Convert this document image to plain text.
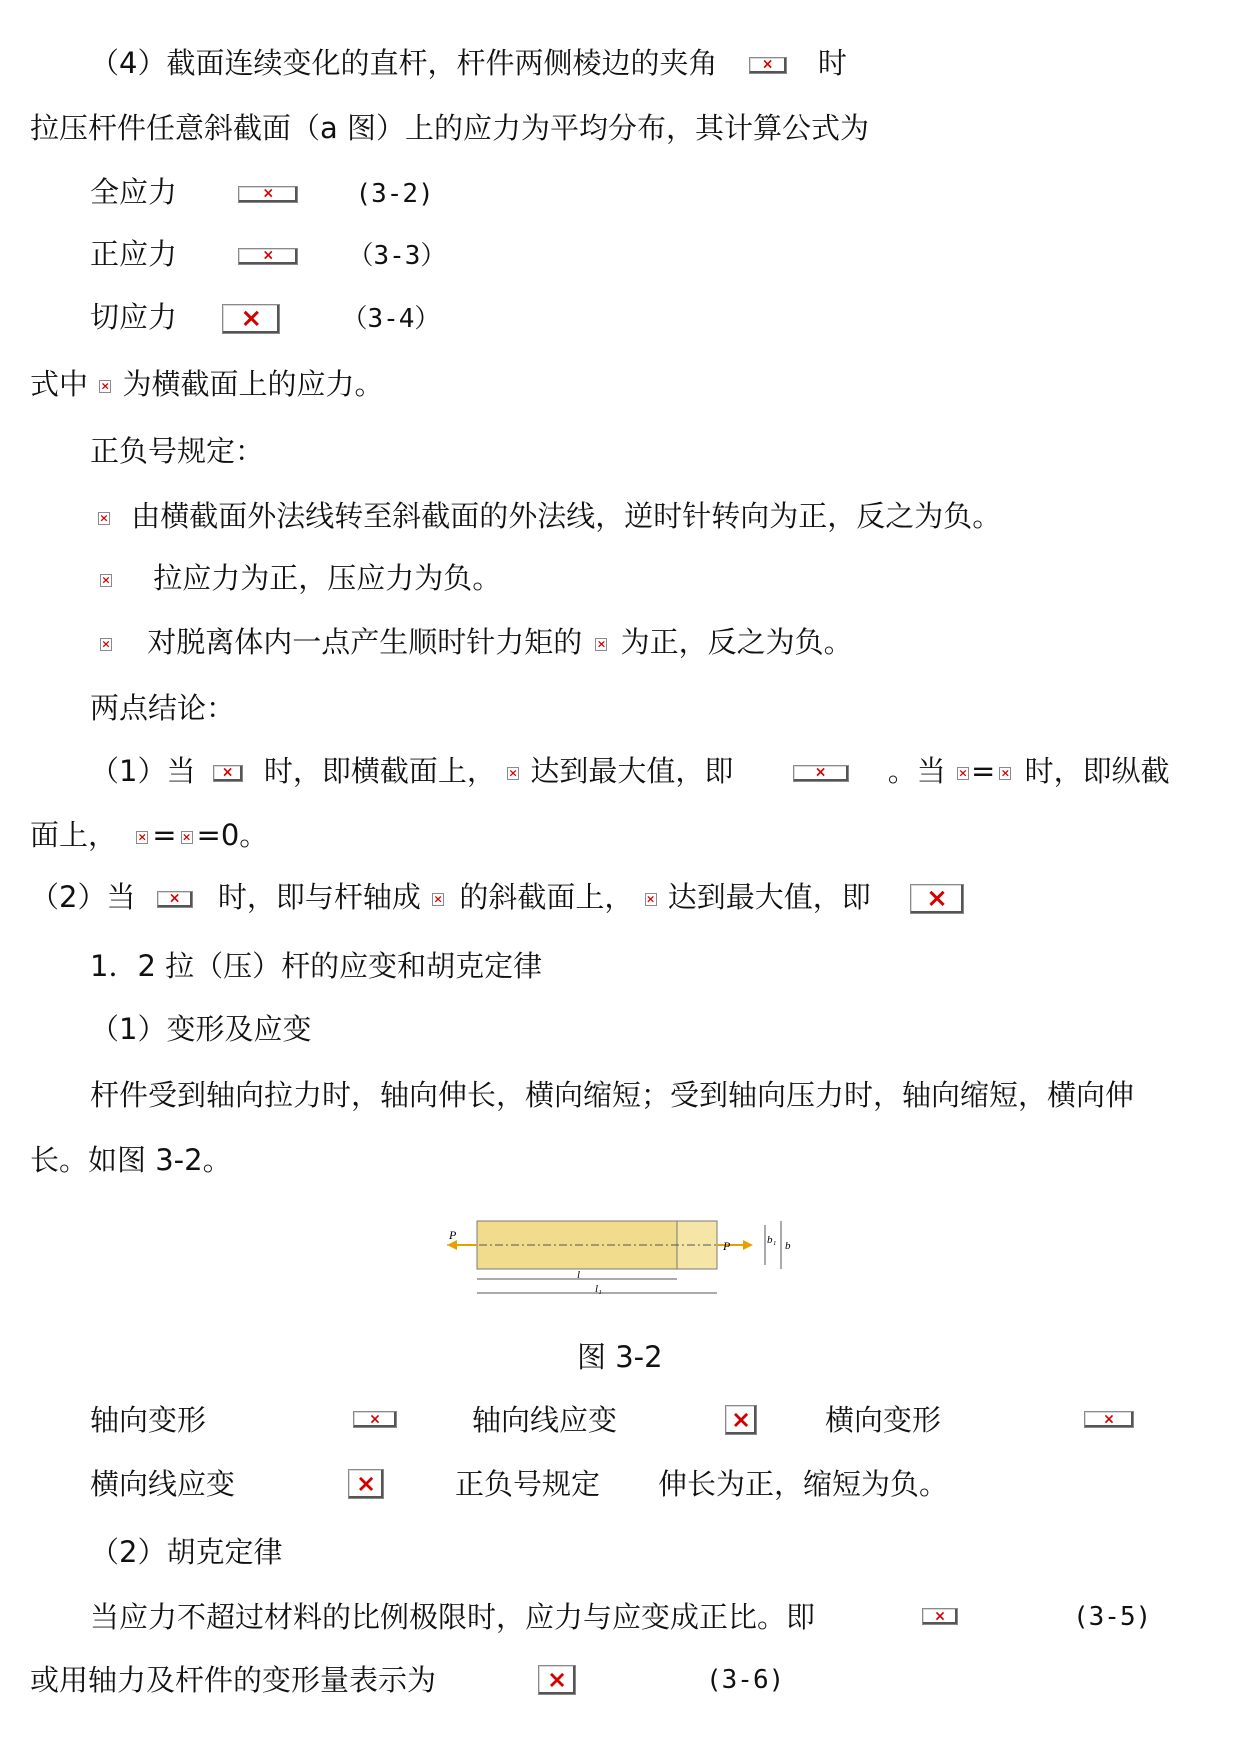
（4）截面连续变化的直杆，杆件两侧棱边的夹角 ×	时
拉压杆件任意斜截面（a 图）上的应力为平均分布，其计算公式为
全应力 ×	(3-2)
正应力 ×	（3-3）
切应力 ×	（3-4）
式中 × 为横截面上的应力。
正负号规定：
× 由横截面外法线转至斜截面的外法线，逆时针转向为正，反之为负。
× 拉应力为正，压应力为负。
× 对脱离体内一点产生顺时针力矩的 × 为正，反之为负。
两点结论：
（1）当 × 时，即横截面上， × 达到最大值，即 ×	。当 × = × 时，即纵截
面上， × = × =0。
（2）当 ×	时，即与杆轴成 × 的斜截面上， × 达到最大值，即 ×
1．2 拉（压）杆的应变和胡克定律
（1）变形及应变
杆件受到轴向拉力时，轴向伸长，横向缩短；受到轴向压力时，轴向缩短，横向伸
长。如图 3-2。
P
P	b₁ b
l
l₁
图 3-2
轴向变形 ×	轴向线应变 ×	横向变形
×
横向线应变 ×	正负号规定 伸长为正，缩短为负。
（2）胡克定律
当应力不超过材料的比例极限时，应力与应变成正比。即 ×	(3-5)
或用轴力及杆件的变形量表示为 ×	(3-6)
